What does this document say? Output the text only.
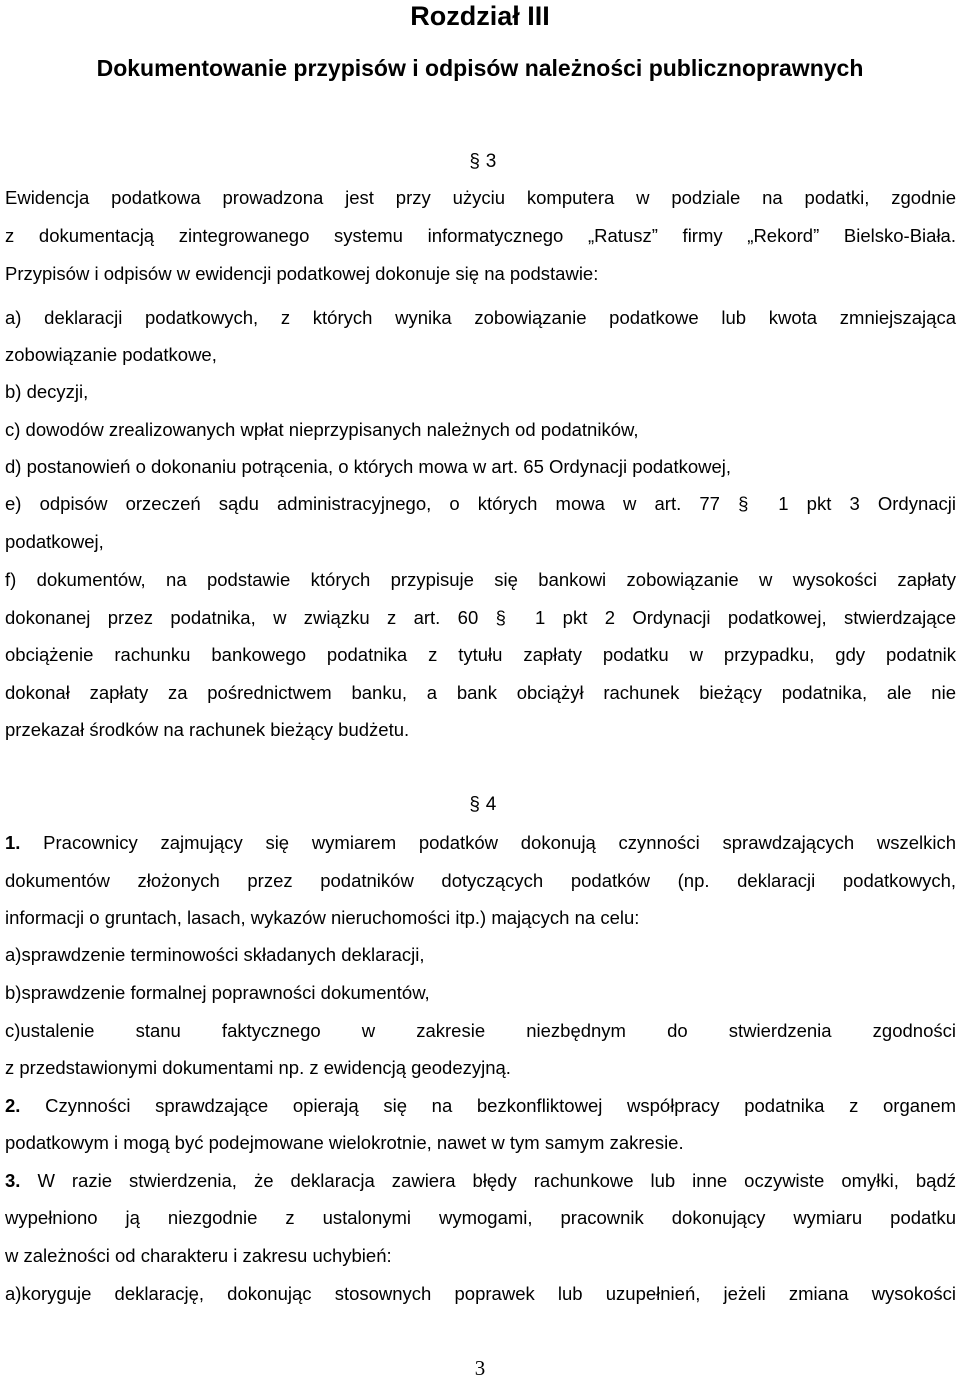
Rozdział III
Dokumentowanie przypisów i odpisów należności publicznoprawnych
§ 3
Ewidencja podatkowa prowadzona jest przy użyciu komputera w podziale na podatki, zgodnie
z dokumentacją zintegrowanego systemu informatycznego „Ratusz” firmy „Rekord” Bielsko-Biała.
Przypisów i odpisów w ewidencji podatkowej dokonuje się na podstawie:
a) deklaracji podatkowych, z których wynika zobowiązanie podatkowe lub kwota zmniejszająca
zobowiązanie podatkowe,
b) decyzji,
c) dowodów zrealizowanych wpłat nieprzypisanych należnych od podatników,
d) postanowień o dokonaniu potrącenia, o których mowa w art. 65 Ordynacji podatkowej,
e) odpisów orzeczeń sądu administracyjnego, o których mowa w art. 77 § 1 pkt 3 Ordynacji
podatkowej,
f) dokumentów, na podstawie których przypisuje się bankowi zobowiązanie w wysokości zapłaty
dokonanej przez podatnika, w związku z art. 60 § 1 pkt 2 Ordynacji podatkowej, stwierdzające
obciążenie rachunku bankowego podatnika z tytułu zapłaty podatku w przypadku, gdy podatnik
dokonał zapłaty za pośrednictwem banku, a bank obciążył rachunek bieżący podatnika, ale nie
przekazał środków na rachunek bieżący budżetu.
§ 4
1. Pracownicy zajmujący się wymiarem podatków dokonują czynności sprawdzających wszelkich
dokumentów złożonych przez podatników dotyczących podatków (np. deklaracji podatkowych,
informacji o gruntach, lasach, wykazów nieruchomości itp.) mających na celu:
a)sprawdzenie terminowości składanych deklaracji,
b)sprawdzenie formalnej poprawności dokumentów,
c)ustalenie stanu faktycznego w zakresie niezbędnym do stwierdzenia zgodności
z przedstawionymi dokumentami np. z ewidencją geodezyjną.
2. Czynności sprawdzające opierają się na bezkonfliktowej współpracy podatnika z organem
podatkowym i mogą być podejmowane wielokrotnie, nawet w tym samym zakresie.
3. W razie stwierdzenia, że deklaracja zawiera błędy rachunkowe lub inne oczywiste omyłki, bądź
wypełniono ją niezgodnie z ustalonymi wymogami, pracownik dokonujący wymiaru podatku
w zależności od charakteru i zakresu uchybień:
a)koryguje deklarację, dokonując stosownych poprawek lub uzupełnień, jeżeli zmiana wysokości
3
